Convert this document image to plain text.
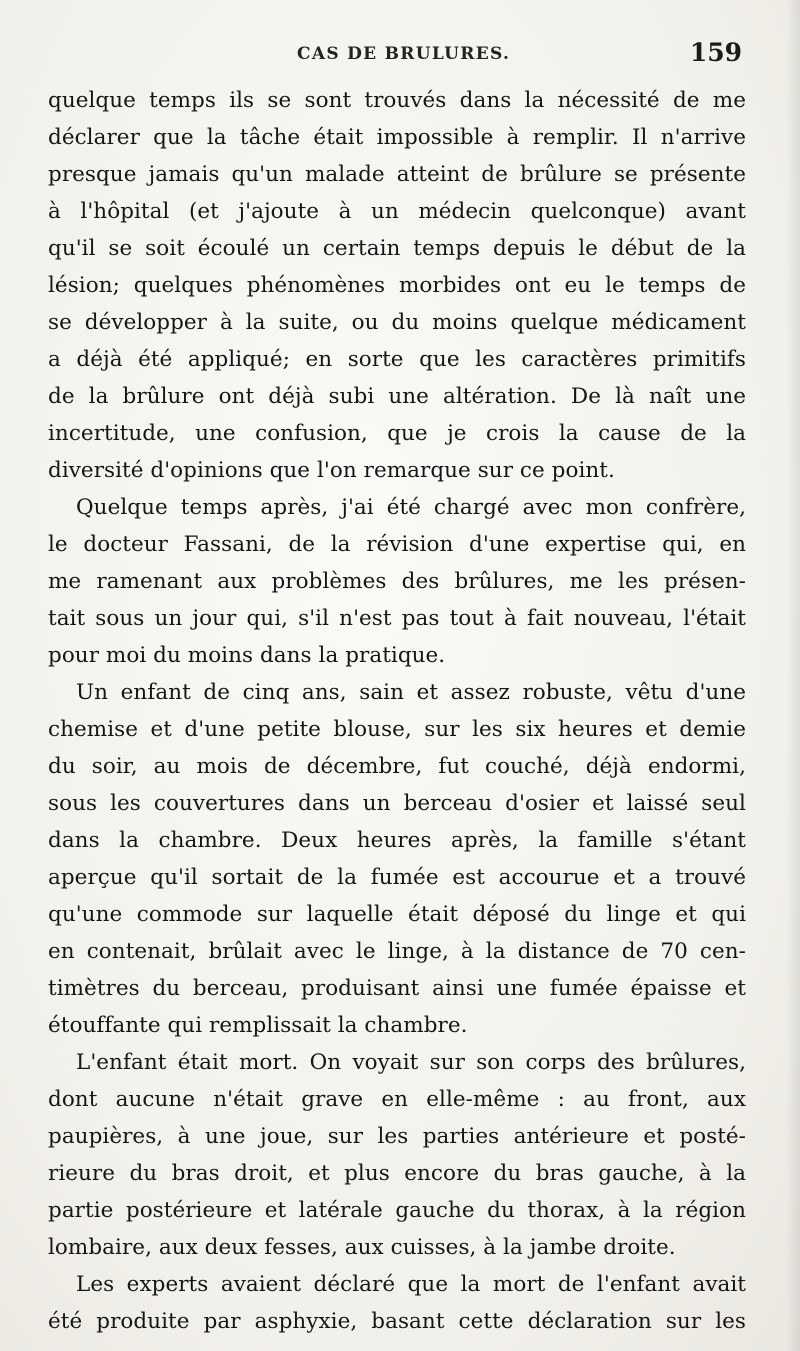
CAS DE BRULURES.	159
quelque temps ils se sont trouvés dans la nécessité de me
déclarer que la tâche était impossible à remplir. Il n'arrive
presque jamais qu'un malade atteint de brûlure se présente
à l'hôpital (et j'ajoute à un médecin quelconque) avant
qu'il se soit écoulé un certain temps depuis le début de la
lésion; quelques phénomènes morbides ont eu le temps de
se développer à la suite, ou du moins quelque médicament
a déjà été appliqué; en sorte que les caractères primitifs
de la brûlure ont déjà subi une altération. De là naît une
incertitude, une confusion, que je crois la cause de la
diversité d'opinions que l'on remarque sur ce point.
Quelque temps après, j'ai été chargé avec mon confrère,
le docteur Fassani, de la révision d'une expertise qui, en
me ramenant aux problèmes des brûlures, me les présen-
tait sous un jour qui, s'il n'est pas tout à fait nouveau, l'était
pour moi du moins dans la pratique.
Un enfant de cinq ans, sain et assez robuste, vêtu d'une
chemise et d'une petite blouse, sur les six heures et demie
du soir, au mois de décembre, fut couché, déjà endormi,
sous les couvertures dans un berceau d'osier et laissé seul
dans la chambre. Deux heures après, la famille s'étant
aperçue qu'il sortait de la fumée est accourue et a trouvé
qu'une commode sur laquelle était déposé du linge et qui
en contenait, brûlait avec le linge, à la distance de 70 cen-
timètres du berceau, produisant ainsi une fumée épaisse et
étouffante qui remplissait la chambre.
L'enfant était mort. On voyait sur son corps des brûlures,
dont aucune n'était grave en elle-même : au front, aux
paupières, à une joue, sur les parties antérieure et posté-
rieure du bras droit, et plus encore du bras gauche, à la
partie postérieure et latérale gauche du thorax, à la région
lombaire, aux deux fesses, aux cuisses, à la jambe droite.
Les experts avaient déclaré que la mort de l'enfant avait
été produite par asphyxie, basant cette déclaration sur les
